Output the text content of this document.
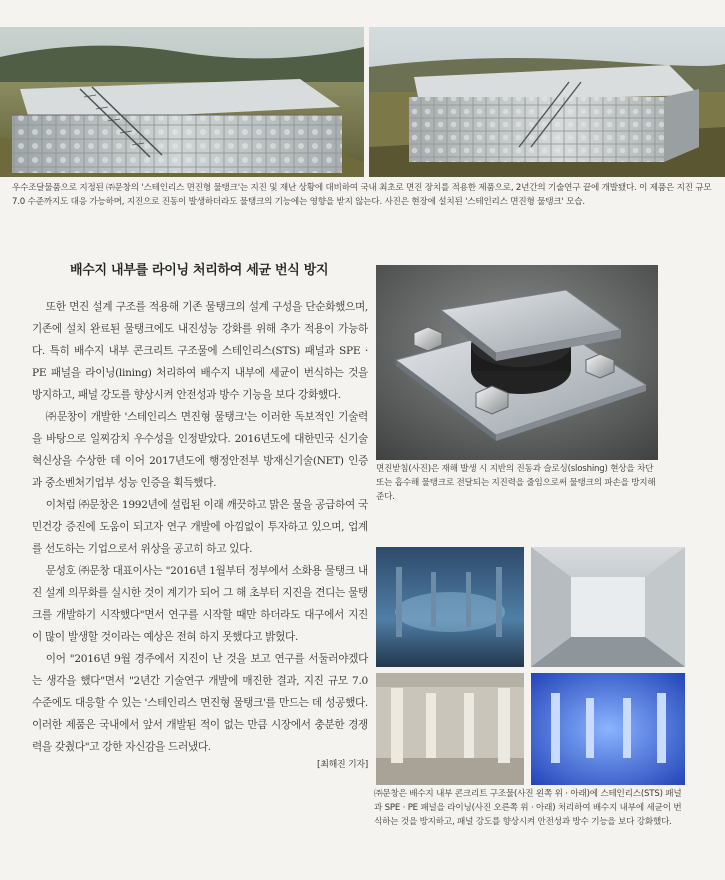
우수조달물품으로 지정된 ㈜문창의 '스테인리스 면진형 물탱크'는 지진 및 재난 상황에 대비하여 국내 최초로 면진 장치를 적용한 제품으로, 2년간의 기술연구 끝에 개발됐다. 이 제품은 지진 규모 7.0 수준까지도 대응 가능하며, 지진으로 진동이 발생하더라도 물탱크의 기능에는 영향을 받지 않는다. 사진은 현장에 설치된 '스테인리스 면진형 물탱크' 모습.
배수지 내부를 라이닝 처리하여 세균 번식 방지

또한 면진 설계 구조를 적용해 기존 물탱크의 설계 구성을 단순화했으며, 기존에 설치 완료된 물탱크에도 내진성능 강화를 위해 추가 적용이 가능하다. 특히 배수지 내부 콘크리트 구조물에 스테인리스(STS) 패널과 SPE · PE 패널을 라이닝(lining) 처리하여 배수지 내부에 세균이 번식하는 것을 방지하고, 패널 강도를 향상시켜 안전성과 방수 기능을 보다 강화했다.

㈜문창이 개발한 '스테인리스 면진형 물탱크'는 이러한 독보적인 기술력을 바탕으로 일찌감치 우수성을 인정받았다. 2016년도에 대한민국 신기술혁신상을 수상한 데 이어 2017년도에 행정안전부 방재신기술(NET) 인증과 중소벤처기업부 성능 인증을 획득했다.

이처럼 ㈜문창은 1992년에 설립된 이래 깨끗하고 맑은 물을 공급하여 국민건강 증진에 도움이 되고자 연구 개발에 아낌없이 투자하고 있으며, 업계를 선도하는 기업으로서 위상을 공고히 하고 있다.

문성호 ㈜문창 대표이사는 "2016년 1월부터 정부에서 소화용 물탱크 내진 설계 의무화를 실시한 것이 계기가 되어 그 해 초부터 지진을 견디는 물탱크를 개발하기 시작했다"면서 연구를 시작할 때만 하더라도 대구에서 지진이 많이 발생할 것이라는 예상은 전혀 하지 못했다고 밝혔다.

이어 "2016년 9월 경주에서 지진이 난 것을 보고 연구를 서둘러야겠다는 생각을 했다"면서 "2년간 기술연구 개발에 매진한 결과, 지진 규모 7.0 수준에도 대응할 수 있는 '스테인리스 면진형 물탱크'를 만드는 데 성공했다. 이러한 제품은 국내에서 앞서 개발된 적이 없는 만큼 시장에서 충분한 경쟁력을 갖췄다"고 강한 자신감을 드러냈다.

[최해진 기자]
면진받침(사진)은 재해 발생 시 지반의 진동과 슬로싱(sloshing) 현상을 차단 또는 흡수해 물탱크로 전달되는 지진력을 줄임으로써 물탱크의 파손을 방지해 준다.
㈜문창은 배수지 내부 콘크리트 구조물(사진 왼쪽 위 · 아래)에 스테인리스(STS) 패널과 SPE · PE 패널을 라이닝(사진 오른쪽 위 · 아래) 처리하여 배수지 내부에 세균이 번식하는 것을 방지하고, 패널 강도를 향상시켜 안전성과 방수 기능을 보다 강화했다.
